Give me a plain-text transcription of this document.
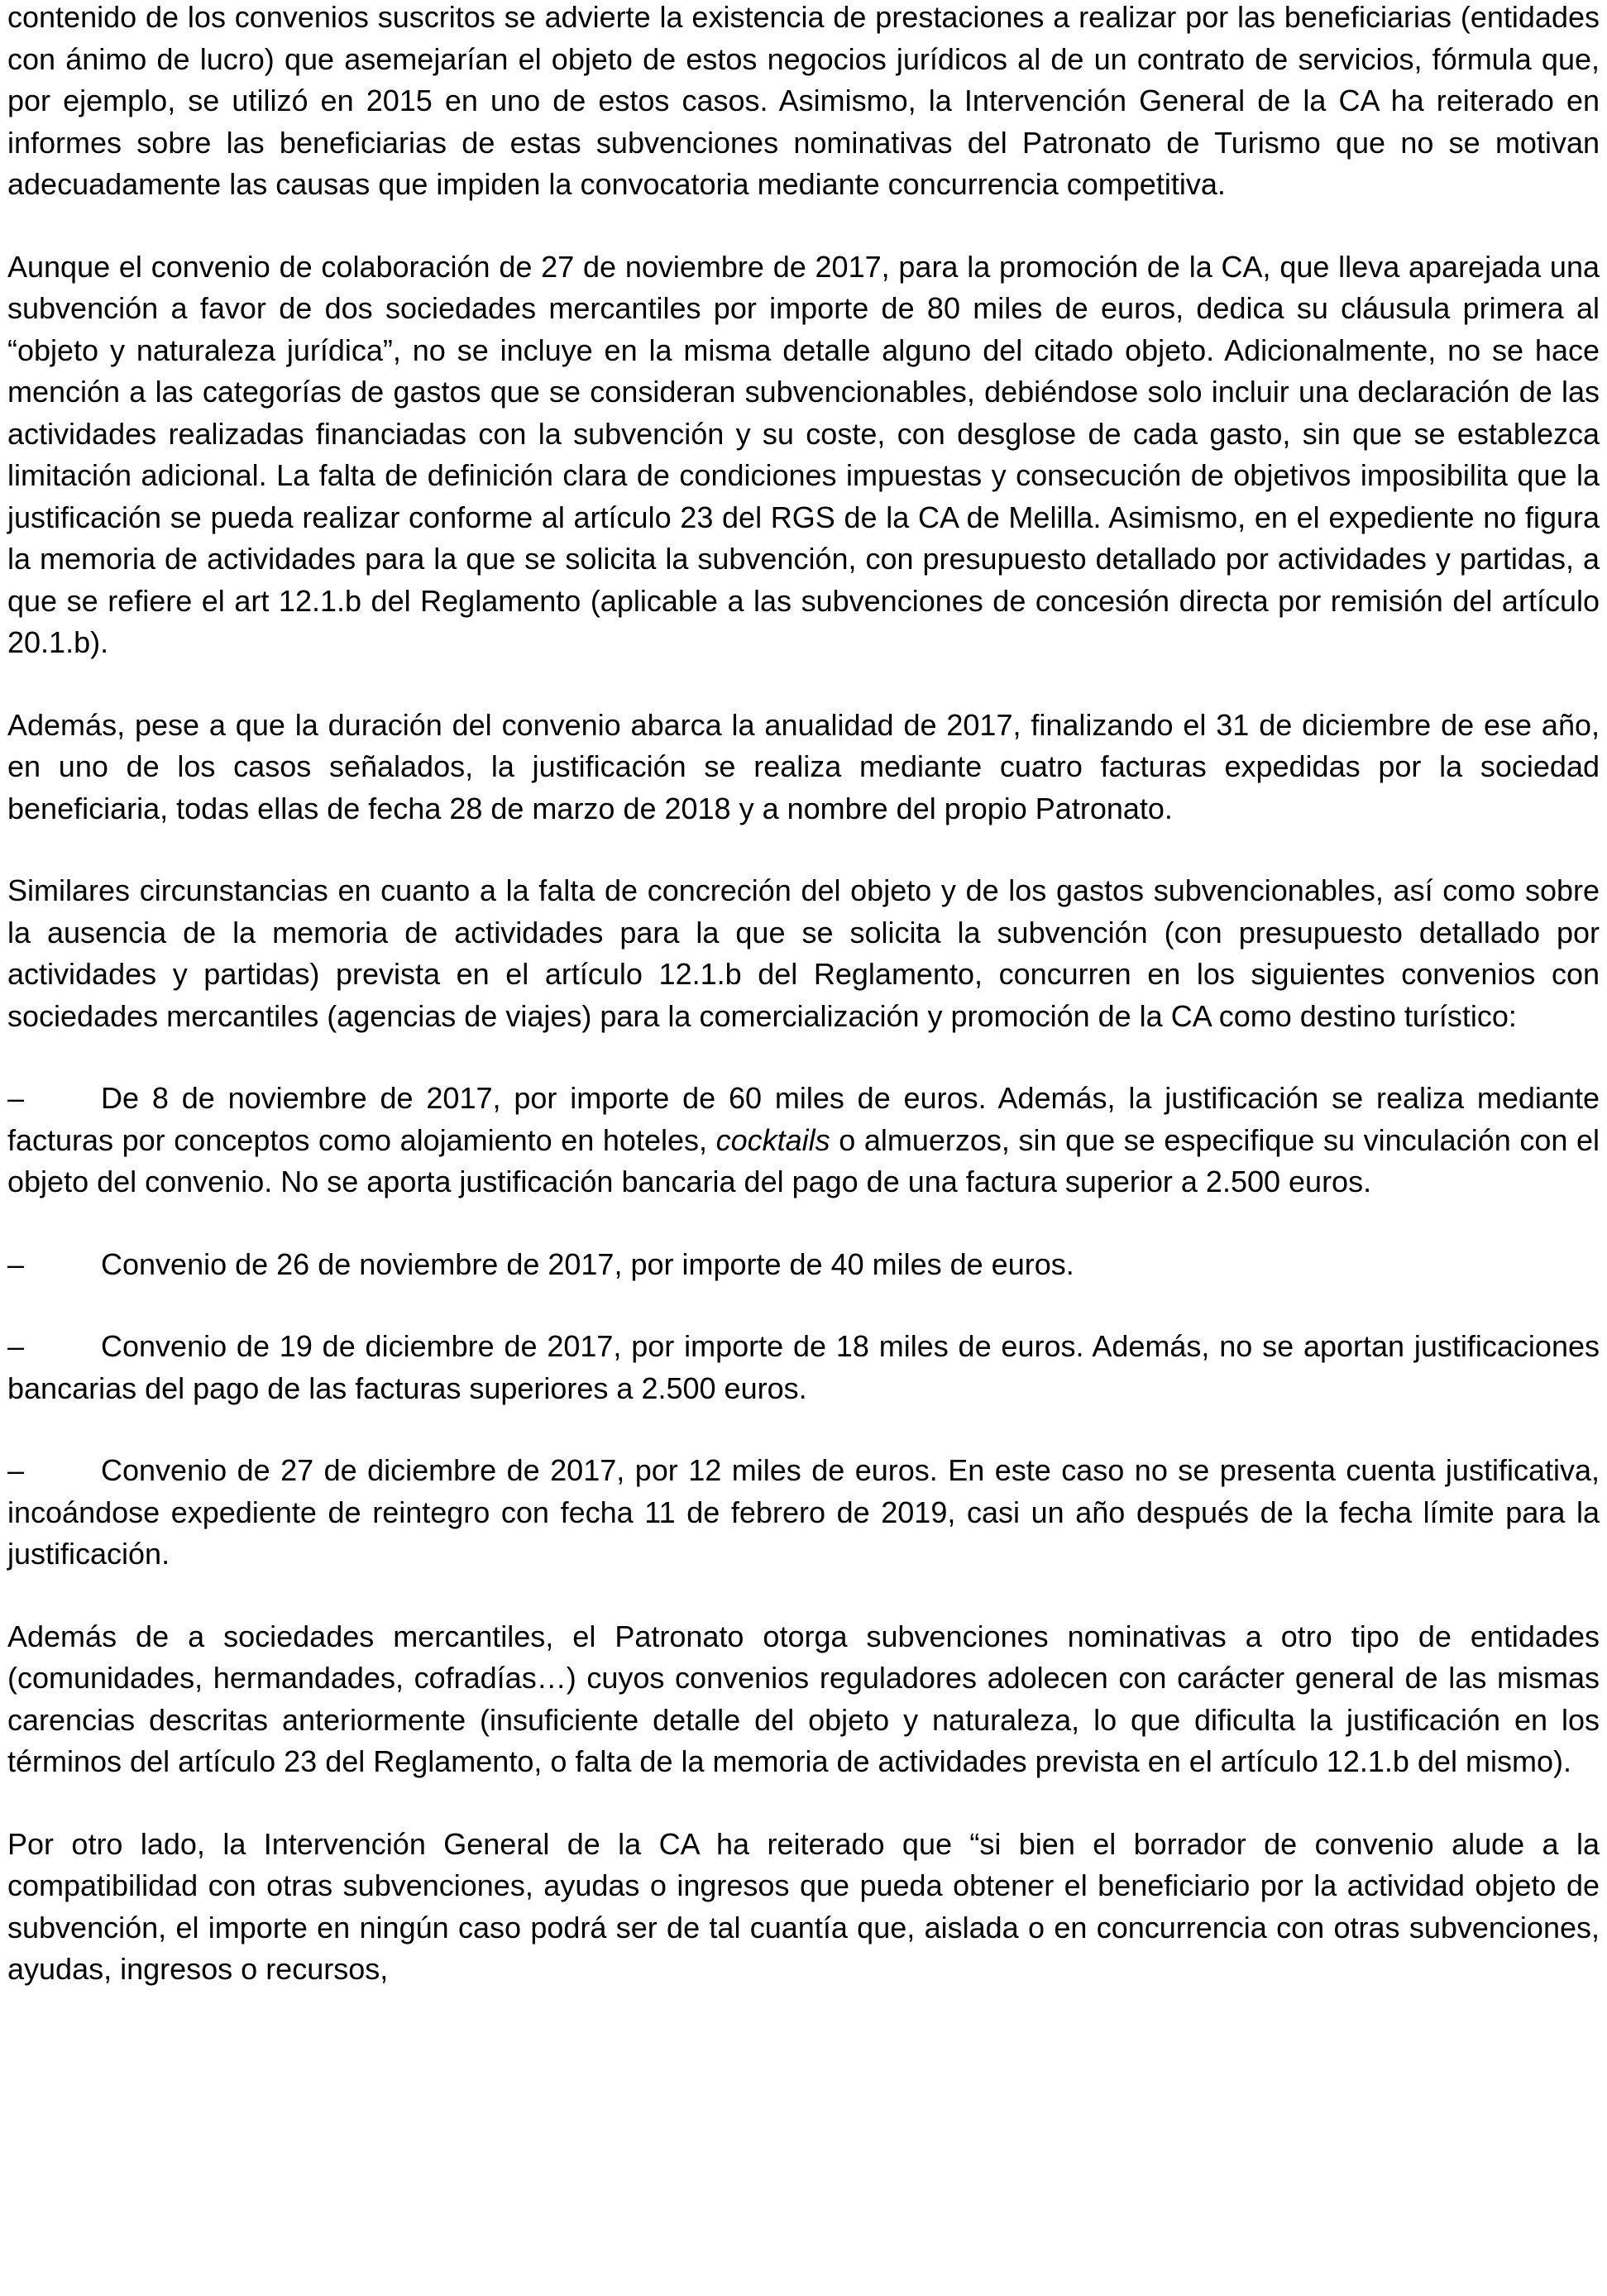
contenido de los convenios suscritos se advierte la existencia de prestaciones a realizar por las beneficiarias (entidades con ánimo de lucro) que asemejarían el objeto de estos negocios jurídicos al de un contrato de servicios, fórmula que, por ejemplo, se utilizó en 2015 en uno de estos casos. Asimismo, la Intervención General de la CA ha reiterado en informes sobre las beneficiarias de estas subvenciones nominativas del Patronato de Turismo que no se motivan adecuadamente las causas que impiden la convocatoria mediante concurrencia competitiva.

Aunque el convenio de colaboración de 27 de noviembre de 2017, para la promoción de la CA, que lleva aparejada una subvención a favor de dos sociedades mercantiles por importe de 80 miles de euros, dedica su cláusula primera al “objeto y naturaleza jurídica”, no se incluye en la misma detalle alguno del citado objeto. Adicionalmente, no se hace mención a las categorías de gastos que se consideran subvencionables, debiéndose solo incluir una declaración de las actividades realizadas financiadas con la subvención y su coste, con desglose de cada gasto, sin que se establezca limitación adicional. La falta de definición clara de condiciones impuestas y consecución de objetivos imposibilita que la justificación se pueda realizar conforme al artículo 23 del RGS de la CA de Melilla. Asimismo, en el expediente no figura la memoria de actividades para la que se solicita la subvención, con presupuesto detallado por actividades y partidas, a que se refiere el art 12.1.b del Reglamento (aplicable a las subvenciones de concesión directa por remisión del artículo 20.1.b).

Además, pese a que la duración del convenio abarca la anualidad de 2017, finalizando el 31 de diciembre de ese año, en uno de los casos señalados, la justificación se realiza mediante cuatro facturas expedidas por la sociedad beneficiaria, todas ellas de fecha 28 de marzo de 2018 y a nombre del propio Patronato.

Similares circunstancias en cuanto a la falta de concreción del objeto y de los gastos subvencionables, así como sobre la ausencia de la memoria de actividades para la que se solicita la subvención (con presupuesto detallado por actividades y partidas) prevista en el artículo 12.1.b del Reglamento, concurren en los siguientes convenios con sociedades mercantiles (agencias de viajes) para la comercialización y promoción de la CA como destino turístico:

–	De 8 de noviembre de 2017, por importe de 60 miles de euros. Además, la justificación se realiza mediante facturas por conceptos como alojamiento en hoteles, cocktails o almuerzos, sin que se especifique su vinculación con el objeto del convenio. No se aporta justificación bancaria del pago de una factura superior a 2.500 euros.
–	Convenio de 26 de noviembre de 2017, por importe de 40 miles de euros.
–	Convenio de 19 de diciembre de 2017, por importe de 18 miles de euros. Además, no se aportan justificaciones bancarias del pago de las facturas superiores a 2.500 euros.
–	Convenio de 27 de diciembre de 2017, por 12 miles de euros. En este caso no se presenta cuenta justificativa, incoándose expediente de reintegro con fecha 11 de febrero de 2019, casi un año después de la fecha límite para la justificación.

Además de a sociedades mercantiles, el Patronato otorga subvenciones nominativas a otro tipo de entidades (comunidades, hermandades, cofradías…) cuyos convenios reguladores adolecen con carácter general de las mismas carencias descritas anteriormente (insuficiente detalle del objeto y naturaleza, lo que dificulta la justificación en los términos del artículo 23 del Reglamento, o falta de la memoria de actividades prevista en el artículo 12.1.b del mismo).

Por otro lado, la Intervención General de la CA ha reiterado que “si bien el borrador de convenio alude a la compatibilidad con otras subvenciones, ayudas o ingresos que pueda obtener el beneficiario por la actividad objeto de subvención, el importe en ningún caso podrá ser de tal cuantía que, aislada o en concurrencia con otras subvenciones, ayudas, ingresos o recursos,
